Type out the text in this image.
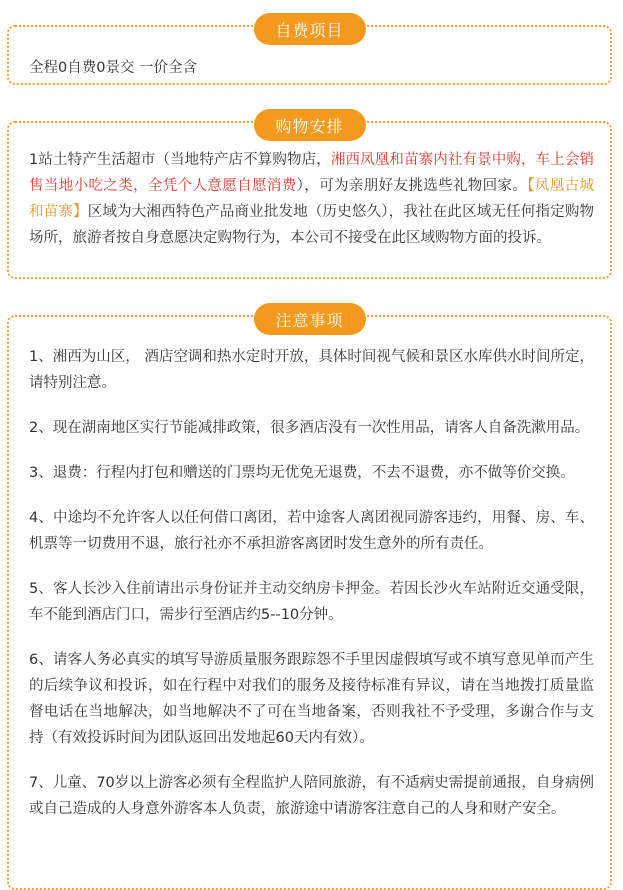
自费项目
全程0自费0景交 一价全含
购物安排
1站土特产生活超市（当地特产店不算购物店，湘西凤凰和苗寨内社有景中购，车上会销售当地小吃之类，全凭个人意愿自愿消费），可为亲朋好友挑选些礼物回家。【凤凰古城和苗寨】区域为大湘西特色产品商业批发地（历史悠久），我社在此区域无任何指定购物场所，旅游者按自身意愿决定购物行为，本公司不接受在此区域购物方面的投诉。
注意事项

1、湘西为山区， 酒店空调和热水定时开放，具体时间视气候和景区水库供水时间所定，请特别注意。

2、现在湖南地区实行节能减排政策，很多酒店没有一次性用品，请客人自备洗漱用品。

3、退费：行程内打包和赠送的门票均无优免无退费，不去不退费，亦不做等价交换。

4、中途均不允许客人以任何借口离团，若中途客人离团视同游客违约，用餐、房、车、机票等一切费用不退，旅行社亦不承担游客离团时发生意外的所有责任。

5、客人长沙入住前请出示身份证并主动交纳房卡押金。若因长沙火车站附近交通受限，车不能到酒店门口，需步行至酒店约5--10分钟。

6、请客人务必真实的填写导游质量服务跟踪怨不手里因虚假填写或不填写意见单而产生的后续争议和投诉，如在行程中对我们的服务及接待标准有异议，请在当地拨打质量监督电话在当地解决，如当地解决不了可在当地备案，否则我社不予受理，多谢合作与支持（有效投诉时间为团队返回出发地起60天内有效）。

7、儿童、70岁以上游客必须有全程监护人陪同旅游，有不适病史需提前通报，自身病例或自己造成的人身意外游客本人负责，旅游途中请游客注意自己的人身和财产安全。
